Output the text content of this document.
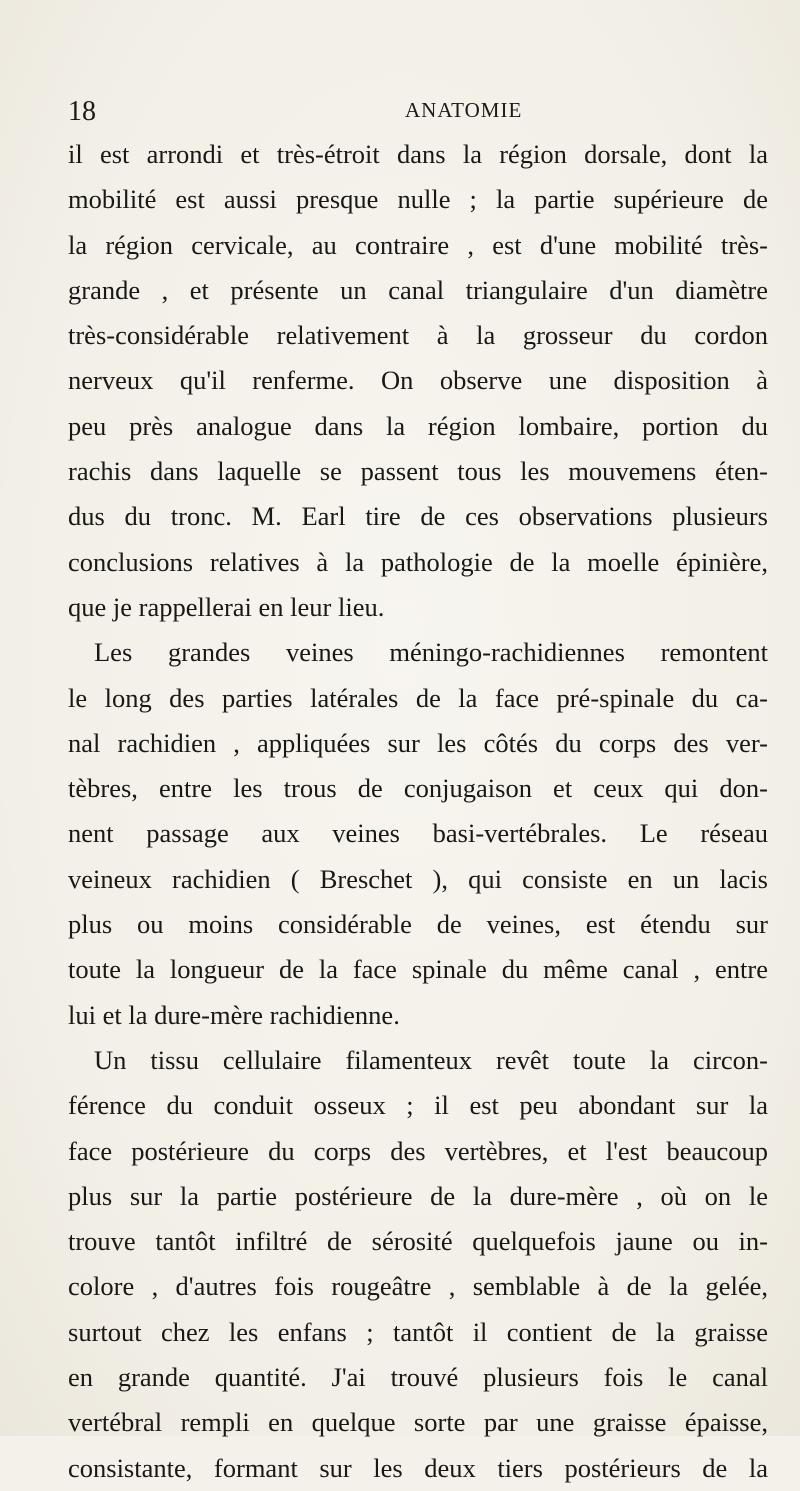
18	ANATOMIE
il est arrondi et très-étroit dans la région dorsale, dont la
mobilité est aussi presque nulle ; la partie supérieure de
la région cervicale, au contraire , est d'une mobilité très-
grande , et présente un canal triangulaire d'un diamètre
très-considérable relativement à la grosseur du cordon
nerveux qu'il renferme. On observe une disposition à
peu près analogue dans la région lombaire, portion du
rachis dans laquelle se passent tous les mouvemens éten-
dus du tronc. M. Earl tire de ces observations plusieurs
conclusions relatives à la pathologie de la moelle épinière,
que je rappellerai en leur lieu.
Les grandes veines méningo-rachidiennes remontent
le long des parties latérales de la face pré-spinale du ca-
nal rachidien , appliquées sur les côtés du corps des ver-
tèbres, entre les trous de conjugaison et ceux qui don-
nent passage aux veines basi-vertébrales. Le réseau
veineux rachidien ( Breschet ), qui consiste en un lacis
plus ou moins considérable de veines, est étendu sur
toute la longueur de la face spinale du même canal , entre
lui et la dure-mère rachidienne.
Un tissu cellulaire filamenteux revêt toute la circon-
férence du conduit osseux ; il est peu abondant sur la
face postérieure du corps des vertèbres, et l'est beaucoup
plus sur la partie postérieure de la dure-mère , où on le
trouve tantôt infiltré de sérosité quelquefois jaune ou in-
colore , d'autres fois rougeâtre , semblable à de la gelée,
surtout chez les enfans ; tantôt il contient de la graisse
en grande quantité. J'ai trouvé plusieurs fois le canal
vertébral rempli en quelque sorte par une graisse épaisse,
consistante, formant sur les deux tiers postérieurs de la
